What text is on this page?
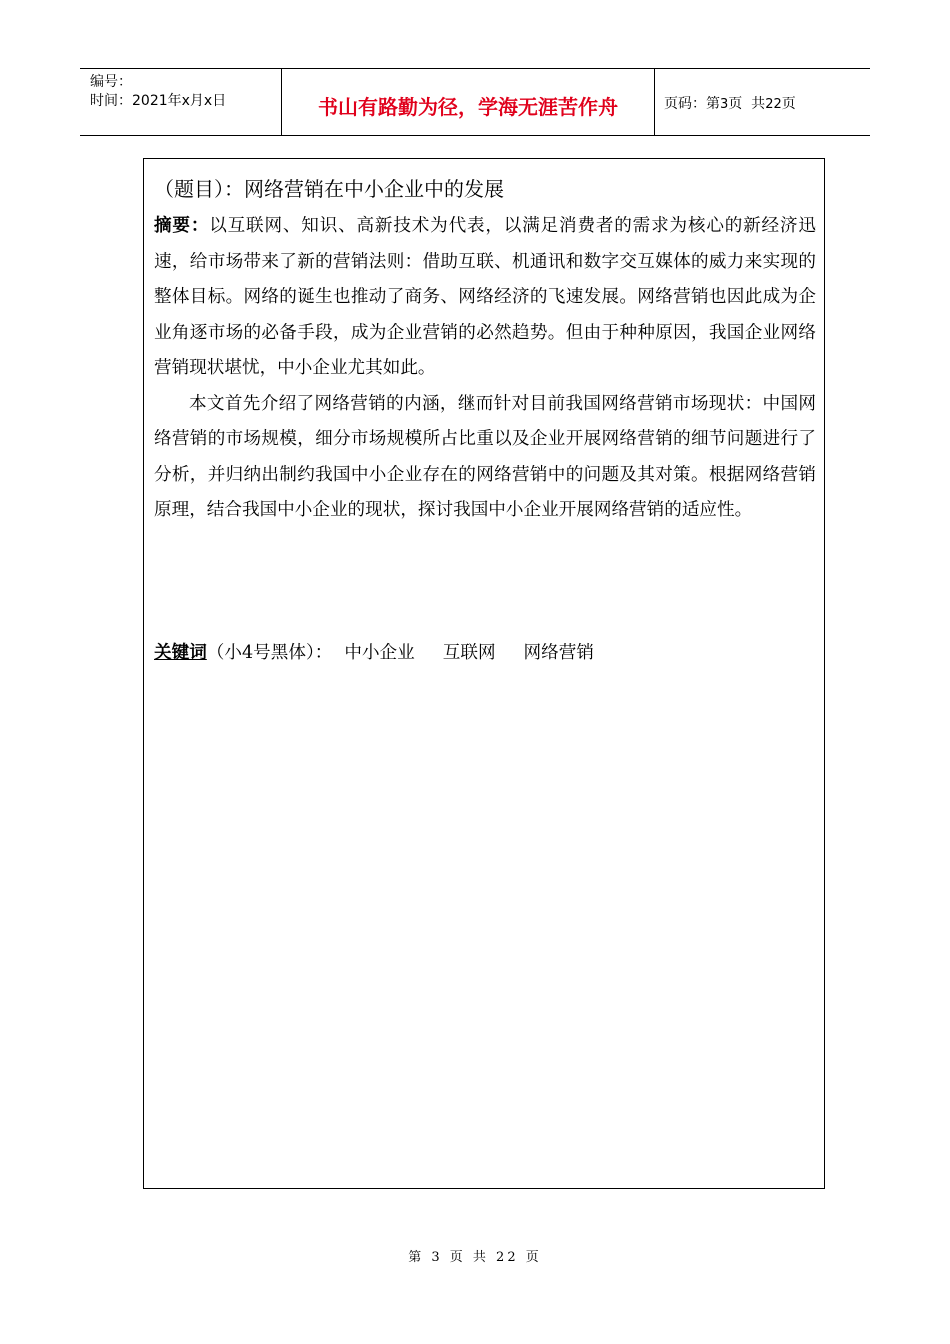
编号：
时间：2021年x月x日	书山有路勤为径，学海无涯苦作舟	页码：第3页  共22页
（题目）：网络营销在中小企业中的发展

摘要：以互联网、知识、高新技术为代表，以满足消费者的需求为核心的新经济迅速，给市场带来了新的营销法则：借助互联、机通讯和数字交互媒体的威力来实现的整体目标。网络的诞生也推动了商务、网络经济的飞速发展。网络营销也因此成为企业角逐市场的必备手段，成为企业营销的必然趋势。但由于种种原因，我国企业网络营销现状堪忧，中小企业尤其如此。

本文首先介绍了网络营销的内涵，继而针对目前我国网络营销市场现状：中国网络营销的市场规模，细分市场规模所占比重以及企业开展网络营销的细节问题进行了分析，并归纳出制约我国中小企业存在的网络营销中的问题及其对策。根据网络营销原理，结合我国中小企业的现状，探讨我国中小企业开展网络营销的适应性。

关键词（小4号黑体）： 中小企业 互联网 网络营销
第 3 页 共 22 页
